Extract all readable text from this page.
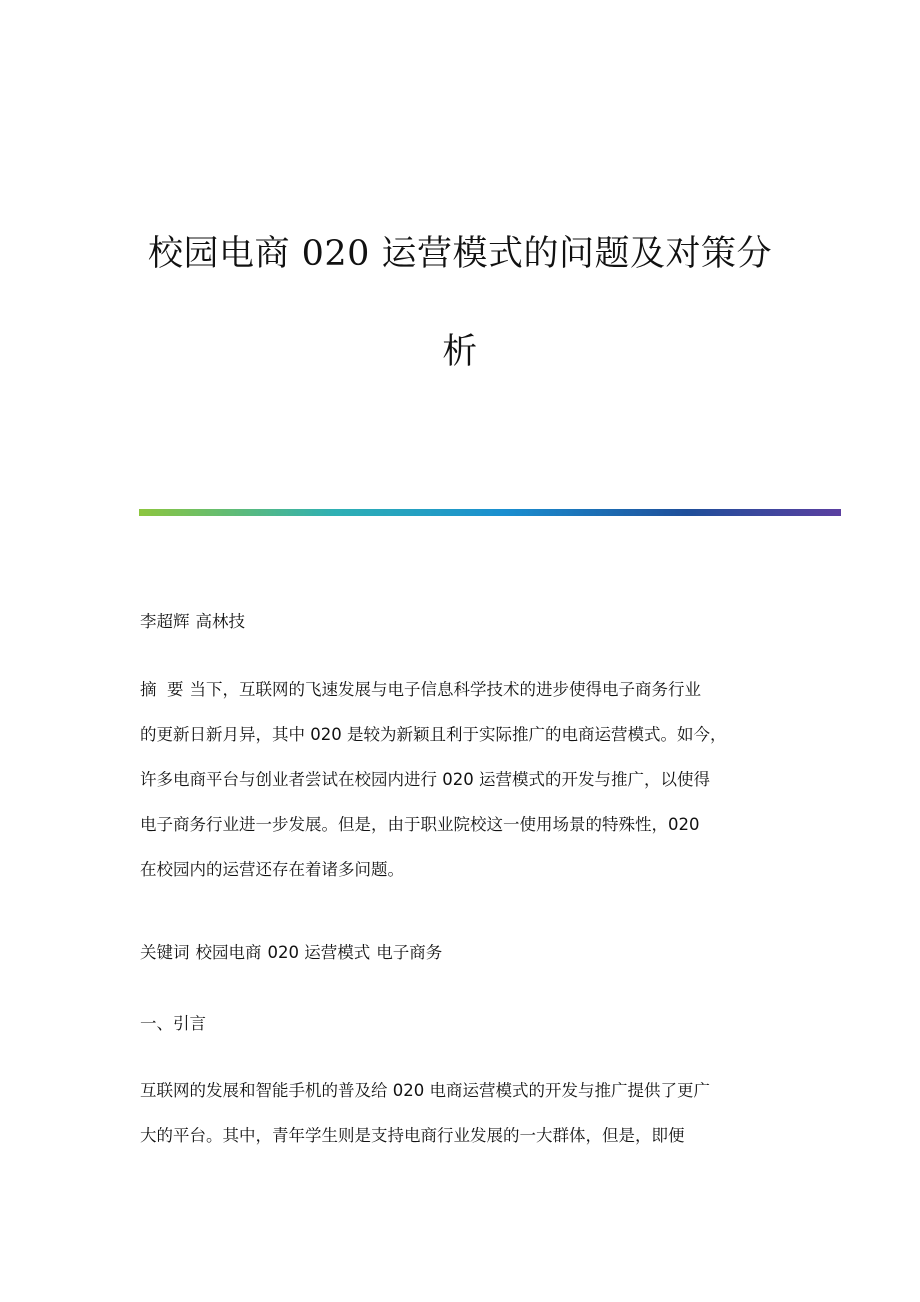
校园电商 020 运营模式的问题及对策分
析

李超辉 高林技

摘  要 当下，互联网的飞速发展与电子信息科学技术的进步使得电子商务行业
的更新日新月异，其中 020 是较为新颖且利于实际推广的电商运营模式。如今，
许多电商平台与创业者尝试在校园内进行 020 运营模式的开发与推广，以使得
电子商务行业进一步发展。但是，由于职业院校这一使用场景的特殊性，020
在校园内的运营还存在着诸多问题。

关键词 校园电商 020 运营模式 电子商务

一、引言

互联网的发展和智能手机的普及给 020 电商运营模式的开发与推广提供了更广
大的平台。其中，青年学生则是支持电商行业发展的一大群体，但是，即便
